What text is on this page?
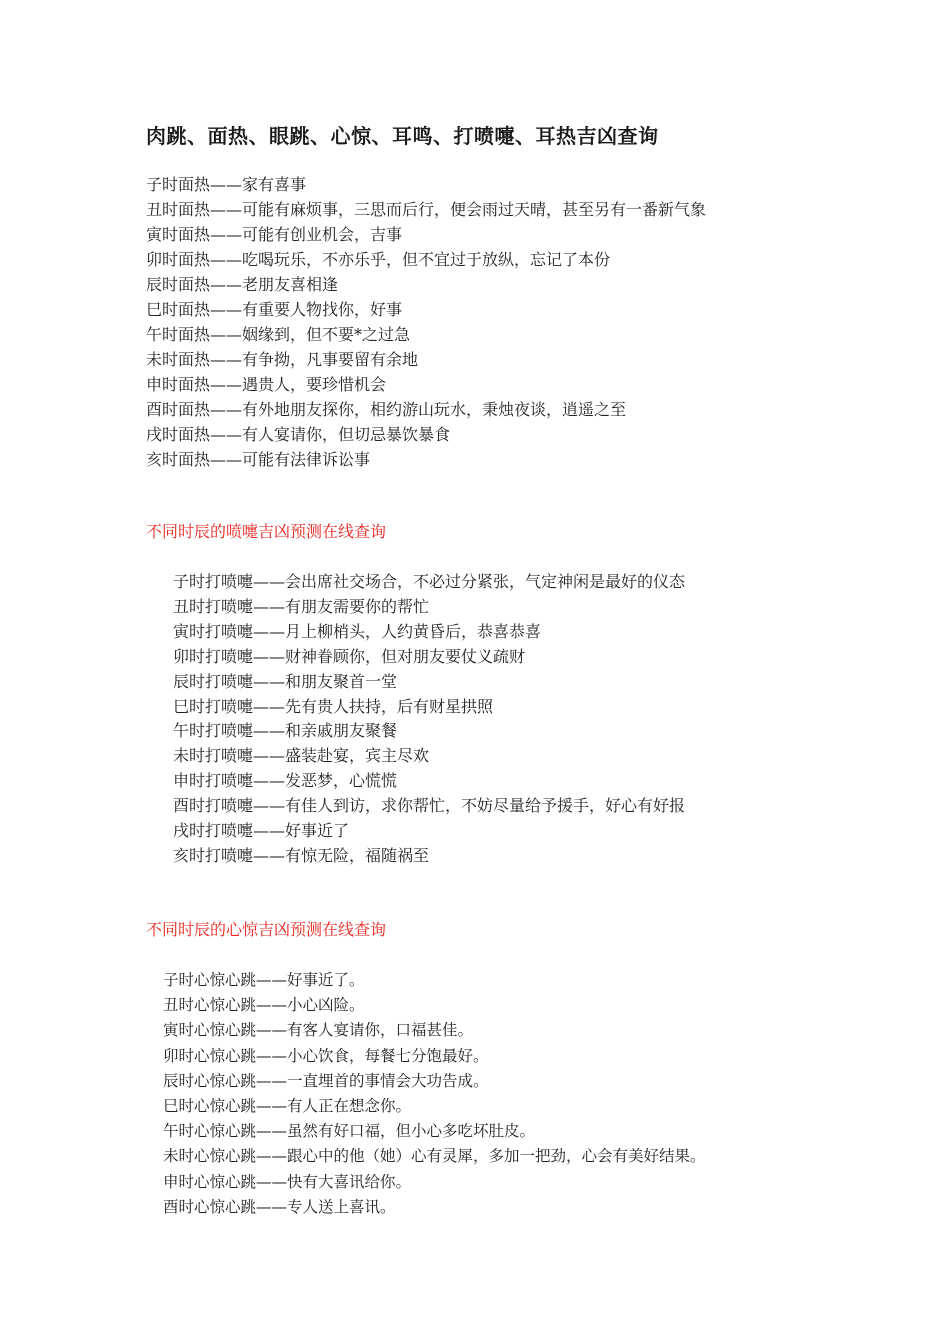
肉跳、面热、眼跳、心惊、耳鸣、打喷嚏、耳热吉凶查询
子时面热——家有喜事
丑时面热——可能有麻烦事，三思而后行，便会雨过天晴，甚至另有一番新气象
寅时面热——可能有创业机会，吉事
卯时面热——吃喝玩乐，不亦乐乎，但不宜过于放纵，忘记了本份
辰时面热——老朋友喜相逢
巳时面热——有重要人物找你，好事
午时面热——姻缘到，但不要*之过急
未时面热——有争拗，凡事要留有余地
申时面热——遇贵人，要珍惜机会
酉时面热——有外地朋友探你，相约游山玩水，秉烛夜谈，逍遥之至
戌时面热——有人宴请你，但切忌暴饮暴食
亥时面热——可能有法律诉讼事
不同时辰的喷嚏吉凶预测在线查询
子时打喷嚏——会出席社交场合，不必过分紧张，气定神闲是最好的仪态
丑时打喷嚏——有朋友需要你的帮忙
寅时打喷嚏——月上柳梢头，人约黄昏后，恭喜恭喜
卯时打喷嚏——财神眷顾你，但对朋友要仗义疏财
辰时打喷嚏——和朋友聚首一堂
巳时打喷嚏——先有贵人扶持，后有财星拱照
午时打喷嚏——和亲戚朋友聚餐
未时打喷嚏——盛装赴宴，宾主尽欢
申时打喷嚏——发恶梦，心慌慌
酉时打喷嚏——有佳人到访，求你帮忙，不妨尽量给予援手，好心有好报
戌时打喷嚏——好事近了
亥时打喷嚏——有惊无险，福随祸至
不同时辰的心惊吉凶预测在线查询
子时心惊心跳——好事近了。
丑时心惊心跳——小心凶险。
寅时心惊心跳——有客人宴请你，口福甚佳。
卯时心惊心跳——小心饮食，每餐七分饱最好。
辰时心惊心跳——一直埋首的事情会大功告成。
巳时心惊心跳——有人正在想念你。
午时心惊心跳——虽然有好口福，但小心多吃坏肚皮。
未时心惊心跳——跟心中的他（她）心有灵犀，多加一把劲，心会有美好结果。
申时心惊心跳——快有大喜讯给你。
酉时心惊心跳——专人送上喜讯。
